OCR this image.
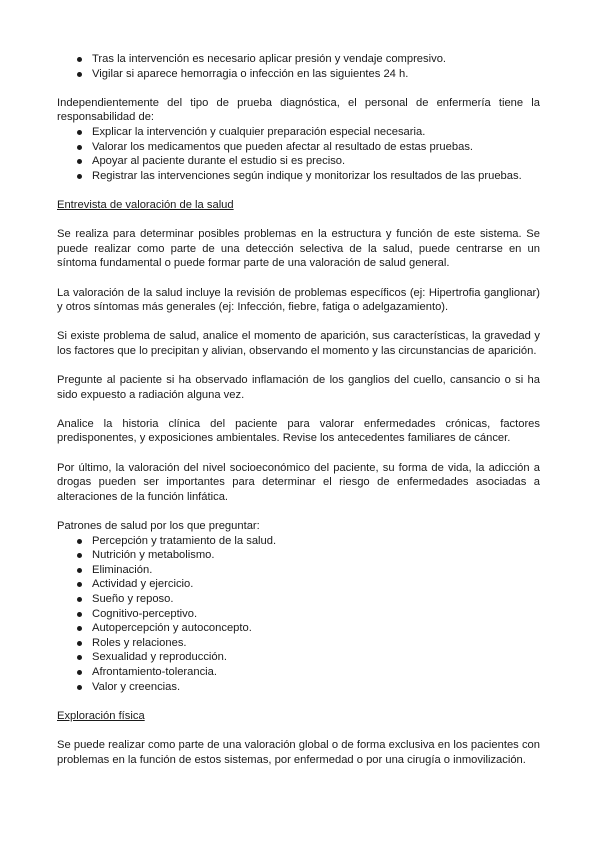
Tras la intervención es necesario aplicar presión y vendaje compresivo.
Vigilar si aparece hemorragia o infección en las siguientes 24 h.

Independientemente del tipo de prueba diagnóstica, el personal de enfermería tiene la responsabilidad de:

Explicar la intervención y cualquier preparación especial necesaria.
Valorar los medicamentos que pueden afectar al resultado de estas pruebas.
Apoyar al paciente durante el estudio si es preciso.
Registrar las intervenciones según indique y monitorizar los resultados de las pruebas.

Entrevista de valoración de la salud

Se realiza para determinar posibles problemas en la estructura y función de este sistema. Se puede realizar como parte de una detección selectiva de la salud, puede centrarse en un síntoma fundamental o puede formar parte de una valoración de salud general.

La valoración de la salud incluye la revisión de problemas específicos (ej: Hipertrofia ganglionar) y otros síntomas más generales (ej: Infección, fiebre, fatiga o adelgazamiento).

Si existe problema de salud, analice el momento de aparición, sus características, la gravedad y los factores que lo precipitan y alivian, observando el momento y las circunstancias de aparición.

Pregunte al paciente si ha observado inflamación de los ganglios del cuello, cansancio o si ha sido expuesto a radiación alguna vez.

Analice la historia clínica del paciente para valorar enfermedades crónicas, factores predisponentes, y exposiciones ambientales. Revise los antecedentes familiares de cáncer.

Por último, la valoración del nivel socioeconómico del paciente, su forma de vida, la adicción a drogas pueden ser importantes para determinar el riesgo de enfermedades asociadas a alteraciones de la función linfática.

Patrones de salud por los que preguntar:

Percepción y tratamiento de la salud.
Nutrición y metabolismo.
Eliminación.
Actividad y ejercicio.
Sueño y reposo.
Cognitivo-perceptivo.
Autopercepción y autoconcepto.
Roles y relaciones.
Sexualidad y reproducción.
Afrontamiento-tolerancia.
Valor y creencias.

Exploración física

Se puede realizar como parte de una valoración global o de forma exclusiva en los pacientes con problemas en la función de estos sistemas, por enfermedad o por una cirugía o inmovilización.
